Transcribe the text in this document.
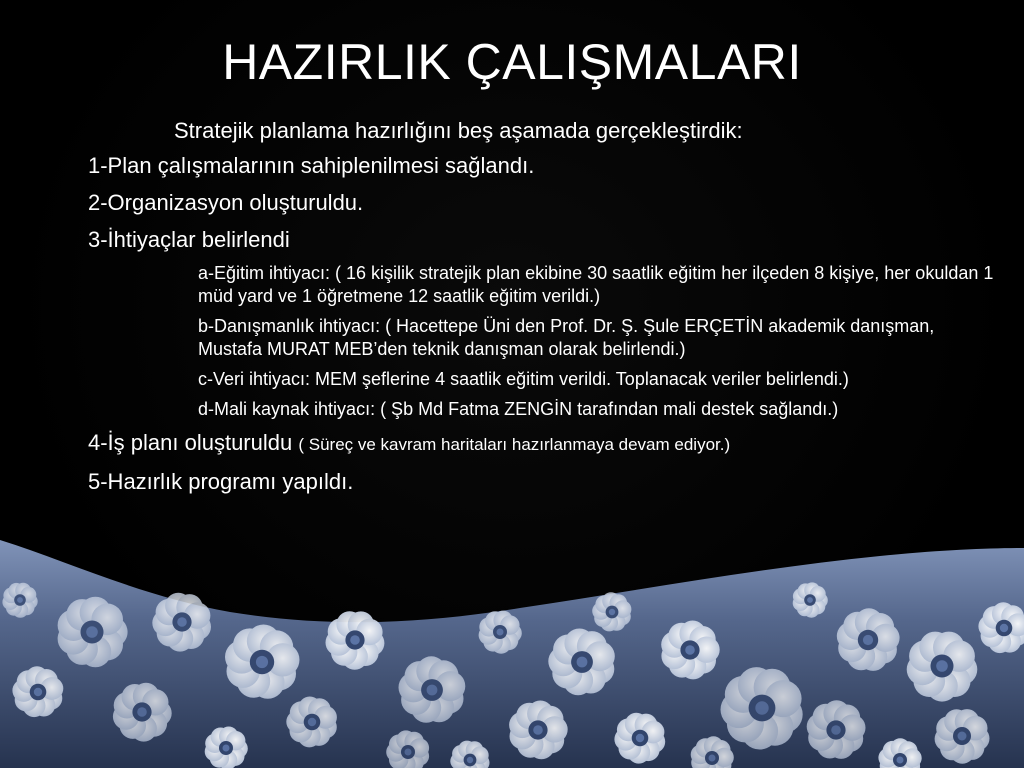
HAZIRLIK ÇALIŞMALARI
Stratejik planlama hazırlığını beş aşamada gerçekleştirdik:
1-Plan çalışmalarının sahiplenilmesi sağlandı.
2-Organizasyon oluşturuldu.
3-İhtiyaçlar belirlendi
a-Eğitim ihtiyacı: ( 16 kişilik stratejik plan ekibine 30 saatlik eğitim her ilçeden 8 kişiye, her okuldan 1 müd yard ve 1 öğretmene 12 saatlik eğitim verildi.)
b-Danışmanlık ihtiyacı: ( Hacettepe Üni den Prof. Dr. Ş. Şule ERÇETİN akademik danışman, Mustafa MURAT MEB’den teknik danışman olarak belirlendi.)
c-Veri ihtiyacı: MEM şeflerine 4 saatlik eğitim verildi. Toplanacak veriler belirlendi.)
d-Mali kaynak ihtiyacı: ( Şb Md Fatma ZENGİN tarafından mali destek sağlandı.)
4-İş planı oluşturuldu ( Süreç ve kavram haritaları hazırlanmaya devam ediyor.)
5-Hazırlık programı yapıldı.
